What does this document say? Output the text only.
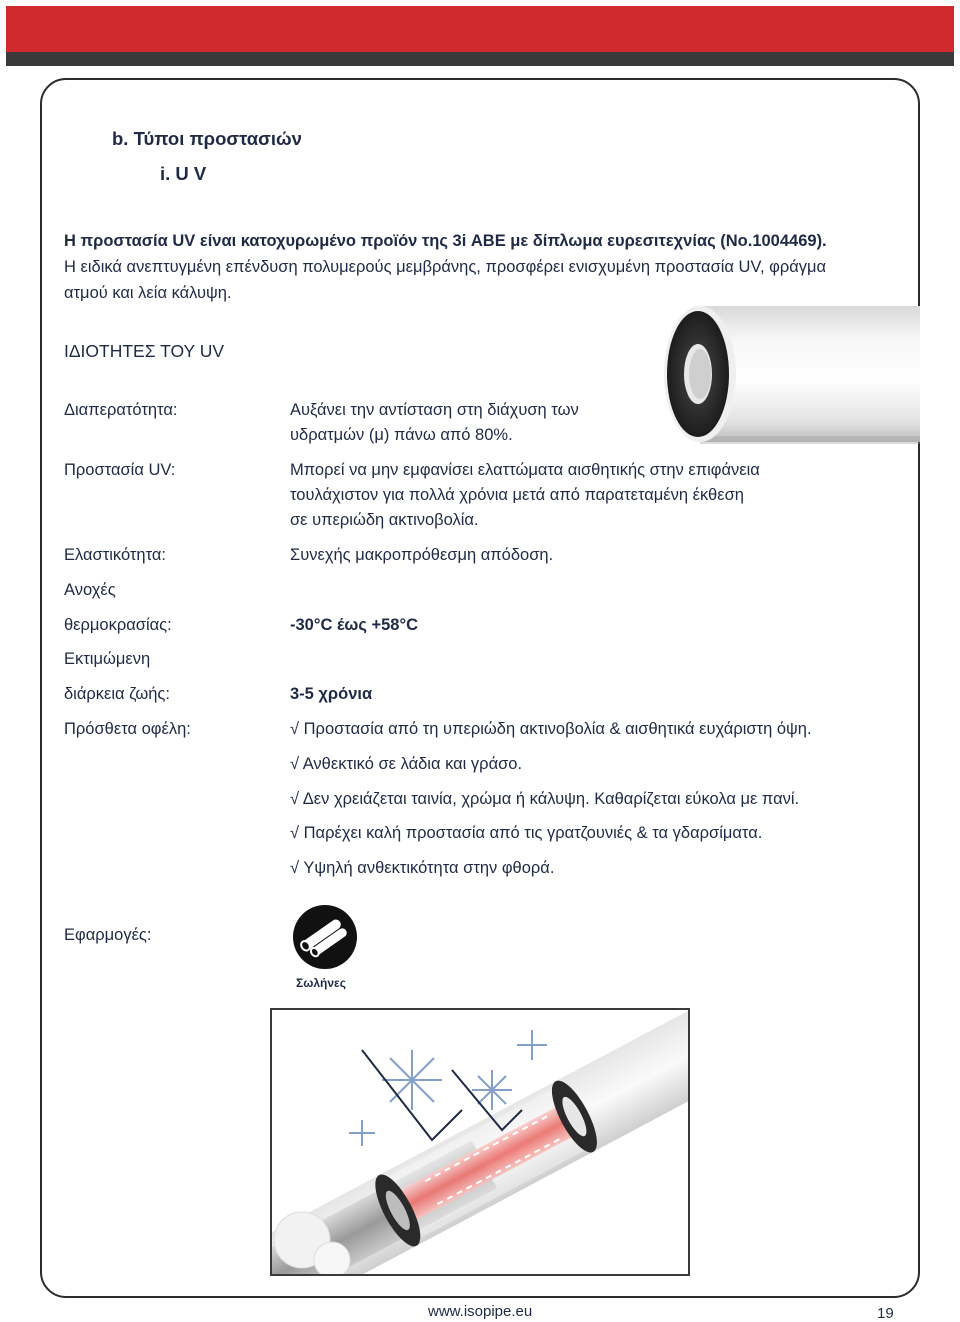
b. Τύποι προστασιών
i. U V
Η προστασία UV είναι κατοχυρωμένο προϊόν της 3i ΑΒΕ με δίπλωμα ευρεσιτεχνίας (No.1004469).
Η ειδικά ανεπτυγμένη επένδυση πολυμερούς μεμβράνης, προσφέρει ενισχυμένη προστασία UV, φράγμα
ατμού και λεία κάλυψη.
ΙΔΙΟΤΗΤΕΣ ΤΟΥ UV
Διαπερατότητα:	Αυξάνει την αντίσταση στη διάχυση των
υδρατμών (μ) πάνω από 80%.
Προστασία UV:	Μπορεί να μην εμφανίσει ελαττώματα αισθητικής στην επιφάνεια
τουλάχιστον για πολλά χρόνια μετά από παρατεταμένη έκθεση
σε υπεριώδη ακτινοβολία.
Ελαστικότητα:	Συνεχής μακροπρόθεσμη απόδοση.
Ανοχές
θερμοκρασίας:	-30°C έως +58°C
Εκτιμώμενη
διάρκεια ζωής:	3-5 χρόνια
Πρόσθετα οφέλη:	√ Προστασία από τη υπεριώδη ακτινοβολία & αισθητικά ευχάριστη όψη.
√ Ανθεκτικό σε λάδια και γράσο.
√ Δεν χρειάζεται ταινία, χρώμα ή κάλυψη. Καθαρίζεται εύκολα με πανί.
√ Παρέχει καλή προστασία από τις γρατζουνιές & τα γδαρσίματα.
√ Υψηλή ανθεκτικότητα στην φθορά.
Εφαρμογές:
Σωλήνες
www.isopipe.eu	19
